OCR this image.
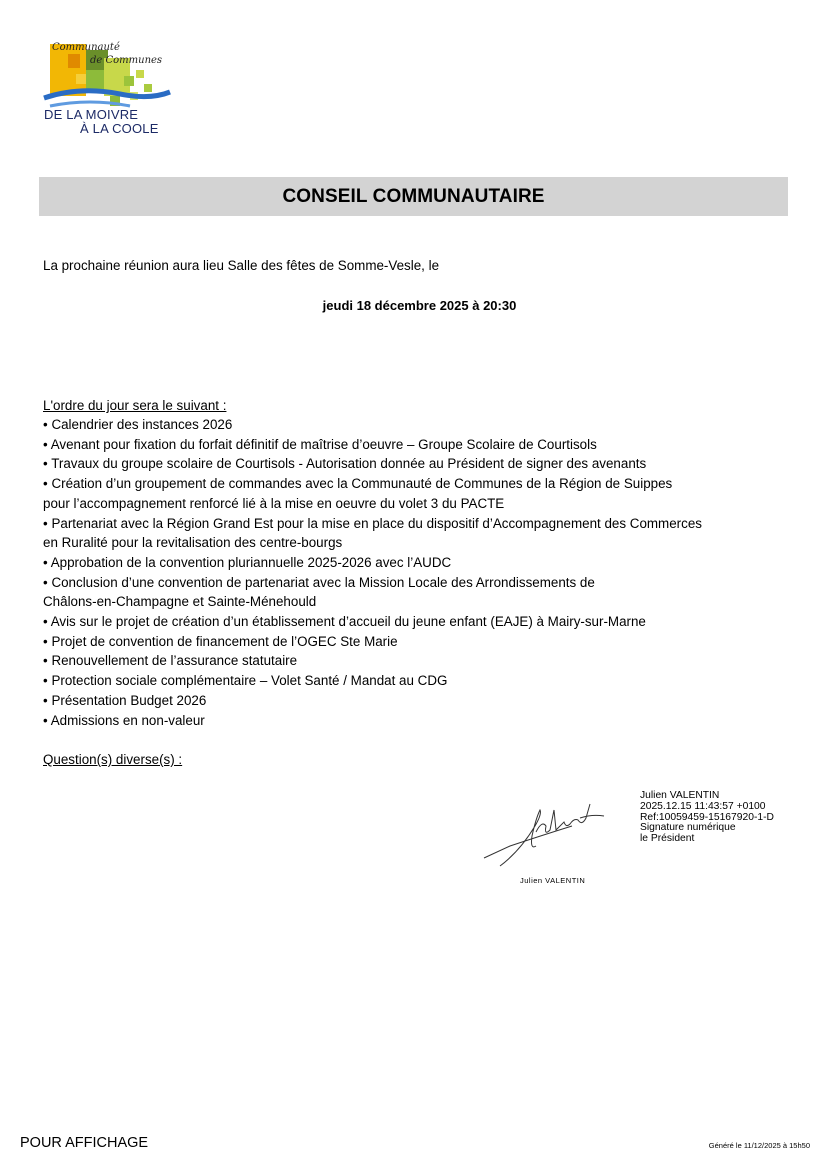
Communauté
de Communes
DE LA MOIVRE
À LA COOLE
CONSEIL COMMUNAUTAIRE
La prochaine réunion aura lieu Salle des fêtes de Somme-Vesle, le
jeudi 18 décembre 2025 à 20:30
L'ordre du jour sera le suivant :
• Calendrier des instances 2026
• Avenant pour fixation du forfait définitif de maîtrise d’oeuvre – Groupe Scolaire de Courtisols
• Travaux du groupe scolaire de Courtisols - Autorisation donnée au Président de signer des avenants
• Création d’un groupement de commandes avec la Communauté de Communes de la Région de Suippes
pour l’accompagnement renforcé lié à la mise en oeuvre du volet 3 du PACTE
• Partenariat avec la Région Grand Est pour la mise en place du dispositif d’Accompagnement des Commerces
en Ruralité pour la revitalisation des centre-bourgs
• Approbation de la convention pluriannuelle 2025-2026 avec l’AUDC
• Conclusion d’une convention de partenariat avec la Mission Locale des Arrondissements de
Châlons-en-Champagne et Sainte-Ménehould
• Avis sur le projet de création d’un établissement d’accueil du jeune enfant (EAJE) à Mairy-sur-Marne
• Projet de convention de financement de l’OGEC Ste Marie
• Renouvellement de l’assurance statutaire
• Protection sociale complémentaire – Volet Santé / Mandat au CDG
• Présentation Budget 2026
• Admissions en non-valeur
Question(s) diverse(s) :
Julien VALENTIN
Julien VALENTIN
2025.12.15 11:43:57 +0100
Ref:10059459-15167920-1-D
Signature numérique
le Président
POUR AFFICHAGE	Généré le 11/12/2025 à 15h50
